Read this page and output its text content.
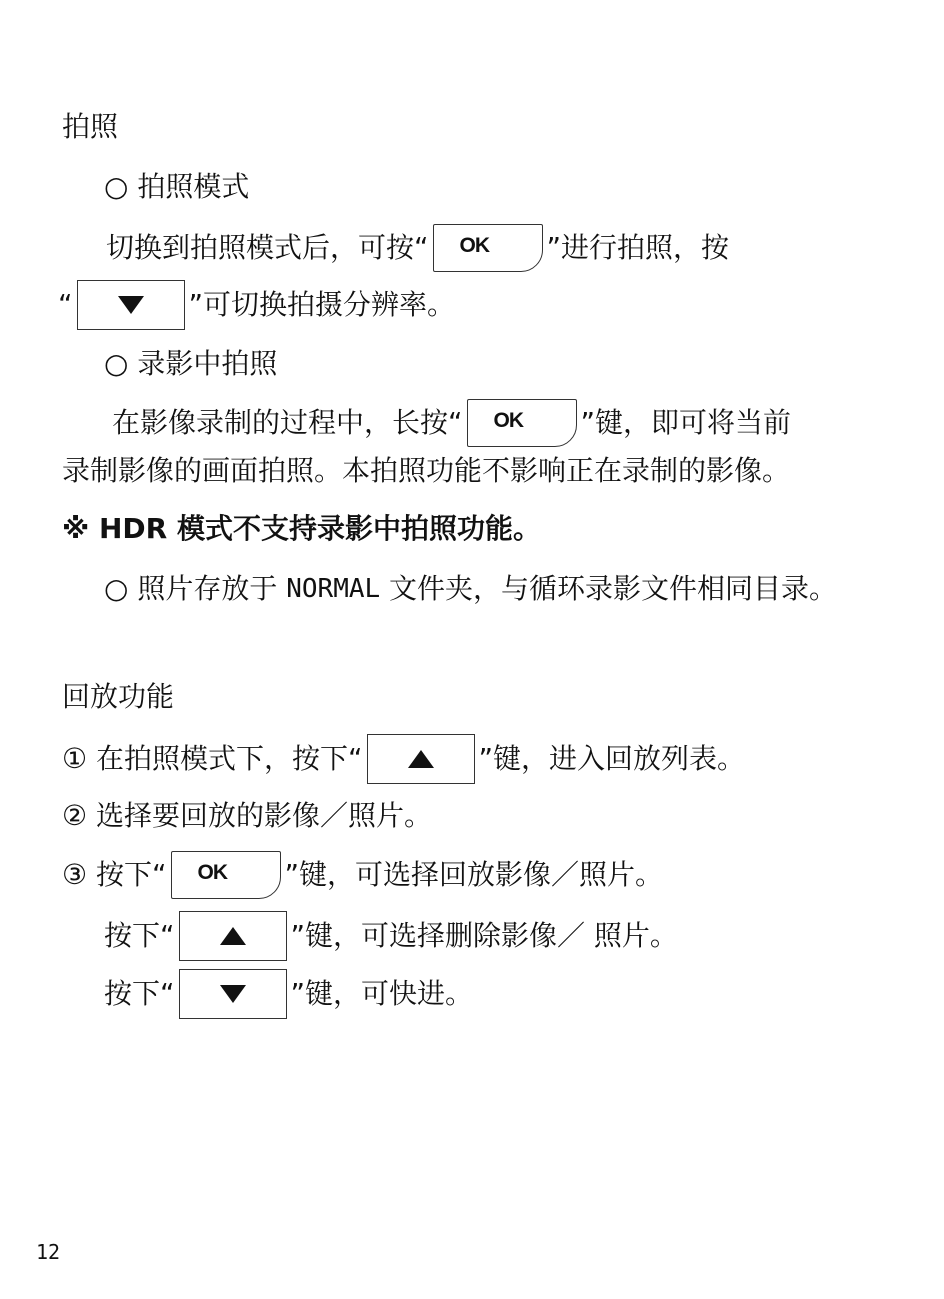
拍照
○ 拍照模式
切换到拍照模式后，可按“ OK ”进行拍照，按
“	”可切换拍摄分辨率。
○ 录影中拍照
在影像录制的过程中，长按“ OK ”键，即可将当前
录制影像的画面拍照。本拍照功能不影响正在录制的影像。
※ HDR 模式不支持录影中拍照功能。
○ 照片存放于 NORMAL 文件夹，与循环录影文件相同目录。
回放功能
① 在拍照模式下，按下“	”键，进入回放列表。
② 选择要回放的影像／照片。
③ 按下“ OK ”键，可选择回放影像／照片。
按下“	”键，可选择删除影像／ 照片。
按下“	”键，可快进。
12
